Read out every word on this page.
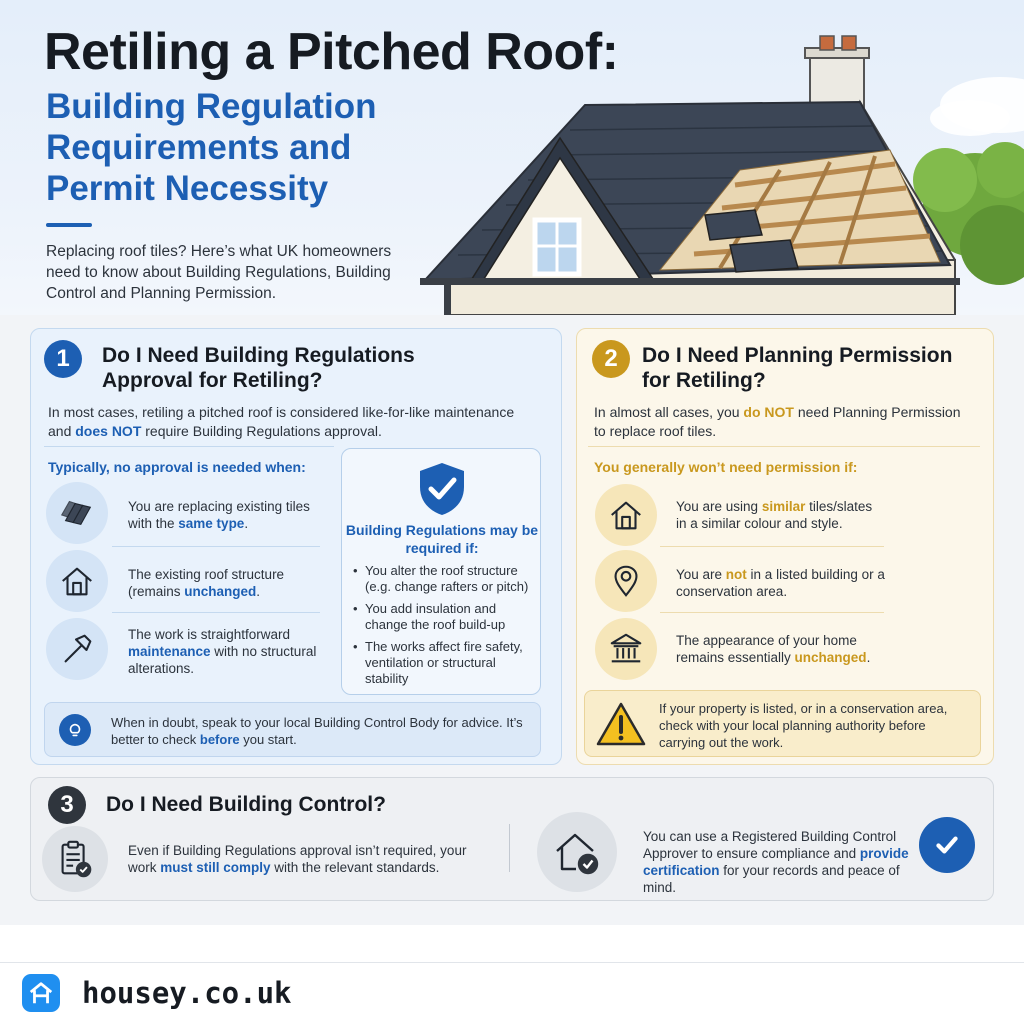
Retiling a Pitched Roof:
Building Regulation Requirements and Permit Necessity
Replacing roof tiles? Here’s what UK homeowners need to know about Building Regulations, Building Control and Planning Permission.
1	Do I Need Building Regulations Approval for Retiling?
In most cases, retiling a pitched roof is considered like-for-like maintenance and does NOT require Building Regulations approval.
Typically, no approval is needed when:
You are replacing existing tiles with the same type.
The existing roof structure (remains unchanged.
The work is straightforward maintenance with no structural alterations.
Building Regulations may be required if:
• You alter the roof structure (e.g. change rafters or pitch)
• You add insulation and change the roof build-up
• The works affect fire safety, ventilation or structural stability
When in doubt, speak to your local Building Control Body for advice. It’s better to check before you start.
2	Do I Need Planning Permission for Retiling?
In almost all cases, you do NOT need Planning Permission to replace roof tiles.
You generally won’t need permission if:
You are using similar tiles/slates in a similar colour and style.
You are not in a listed building or a conservation area.
The appearance of your home remains essentially unchanged.
If your property is listed, or in a conservation area, check with your local planning authority before carrying out the work.
3	Do I Need Building Control?
Even if Building Regulations approval isn’t required, your work must still comply with the relevant standards.
You can use a Registered Building Control Approver to ensure compliance and provide certification for your records and peace of mind.
housey.co.uk
